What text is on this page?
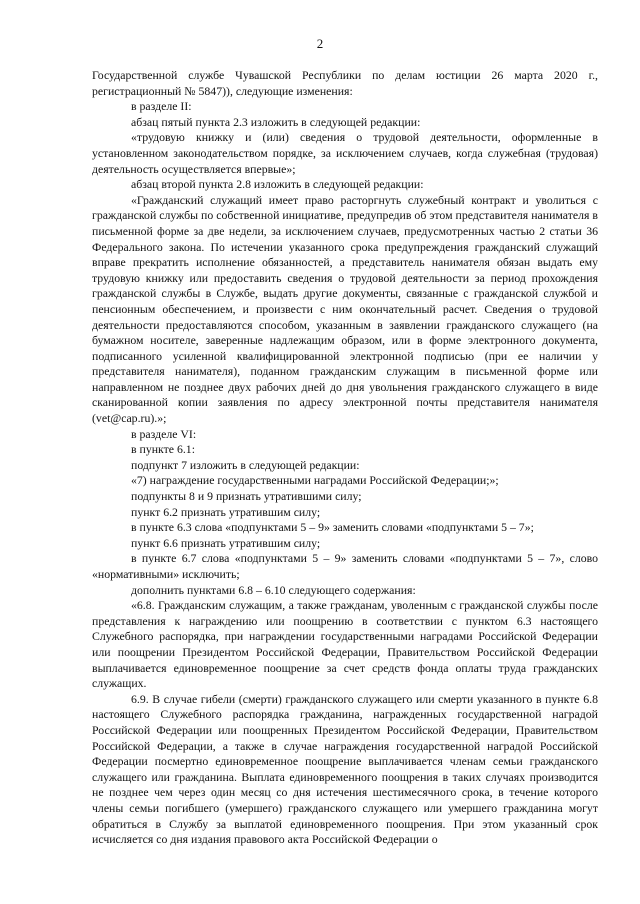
2

Государственной службе Чувашской Республики по делам юстиции 26 марта 2020 г., регистрационный № 5847)), следующие изменения:

в разделе II:

абзац пятый пункта 2.3 изложить в следующей редакции:

«трудовую книжку и (или) сведения о трудовой деятельности, оформленные в установленном законодательством порядке, за исключением случаев, когда служебная (трудовая) деятельность осуществляется впервые»;

абзац второй пункта 2.8 изложить в следующей редакции:

«Гражданский служащий имеет право расторгнуть служебный контракт и уволиться с гражданской службы по собственной инициативе, предупредив об этом представителя нанимателя в письменной форме за две недели, за исключением случаев, предусмотренных частью 2 статьи 36 Федерального закона. По истечении указанного срока предупреждения гражданский служащий вправе прекратить исполнение обязанностей, а представитель нанимателя обязан выдать ему трудовую книжку или предоставить сведения о трудовой деятельности за период прохождения гражданской службы в Службе, выдать другие документы, связанные с гражданской службой и пенсионным обеспечением, и произвести с ним окончательный расчет. Сведения о трудовой деятельности предоставляются способом, указанным в заявлении гражданского служащего (на бумажном носителе, заверенные надлежащим образом, или в форме электронного документа, подписанного усиленной квалифицированной электронной подписью (при ее наличии у представителя нанимателя), поданном гражданским служащим в письменной форме или направленном не позднее двух рабочих дней до дня увольнения гражданского служащего в виде сканированной копии заявления по адресу электронной почты представителя нанимателя (vet@cap.ru).»;

в разделе VI:

в пункте 6.1:

подпункт 7 изложить в следующей редакции:

«7) награждение государственными наградами Российской Федерации;»;

подпункты 8 и 9 признать утратившими силу;

пункт 6.2 признать утратившим силу;

в пункте 6.3 слова «подпунктами 5 – 9» заменить словами «подпунктами 5 – 7»;

пункт 6.6 признать утратившим силу;

в пункте 6.7 слова «подпунктами 5 – 9» заменить словами «подпунктами 5 – 7», слово «нормативными» исключить;

дополнить пунктами 6.8 – 6.10 следующего содержания:

«6.8. Гражданским служащим, а также гражданам, уволенным с гражданской службы после представления к награждению или поощрению в соответствии с пунктом 6.3 настоящего Служебного распорядка, при награждении государственными наградами Российской Федерации или поощрении Президентом Российской Федерации, Правительством Российской Федерации выплачивается единовременное поощрение за счет средств фонда оплаты труда гражданских служащих.

6.9. В случае гибели (смерти) гражданского служащего или смерти указанного в пункте 6.8 настоящего Служебного распорядка гражданина, награжденных государственной наградой Российской Федерации или поощренных Президентом Российской Федерации, Правительством Российской Федерации, а также в случае награждения государственной наградой Российской Федерации посмертно единовременное поощрение выплачивается членам семьи гражданского служащего или гражданина. Выплата единовременного поощрения в таких случаях производится не позднее чем через один месяц со дня истечения шестимесячного срока, в течение которого члены семьи погибшего (умершего) гражданского служащего или умершего гражданина могут обратиться в Службу за выплатой единовременного поощрения. При этом указанный срок исчисляется со дня издания правового акта Российской Федерации о
